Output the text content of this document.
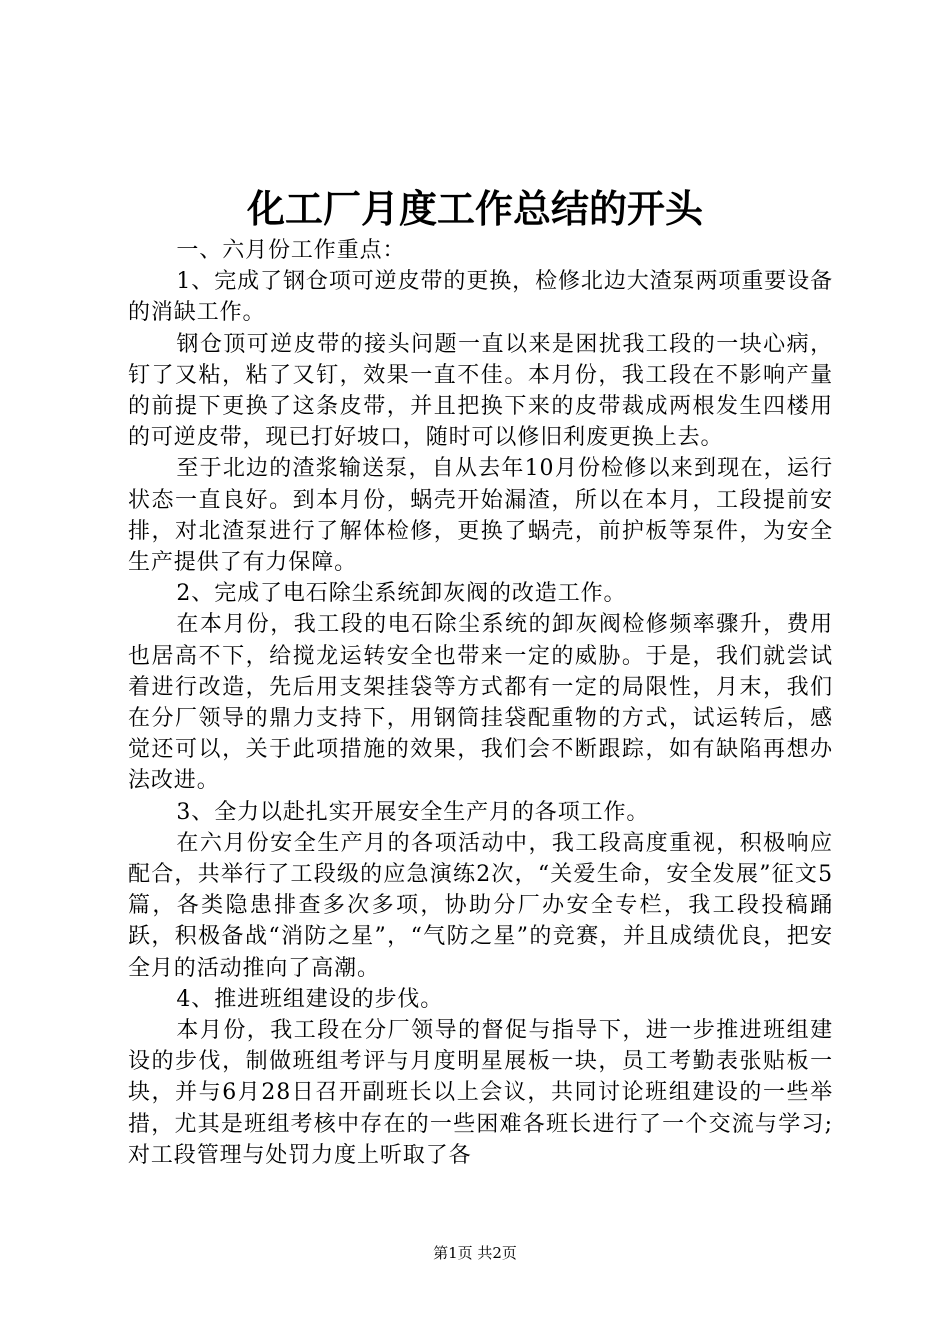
化工厂月度工作总结的开头

一、六月份工作重点：

1、完成了钢仓项可逆皮带的更换，检修北边大渣泵两项重要设备的消缺工作。

钢仓顶可逆皮带的接头问题一直以来是困扰我工段的一块心病，钉了又粘，粘了又钉，效果一直不佳。本月份，我工段在不影响产量的前提下更换了这条皮带，并且把换下来的皮带裁成两根发生四楼用的可逆皮带，现已打好坡口，随时可以修旧利废更换上去。

至于北边的渣浆输送泵，自从去年10月份检修以来到现在，运行状态一直良好。到本月份，蜗壳开始漏渣，所以在本月，工段提前安排，对北渣泵进行了解体检修，更换了蜗壳，前护板等泵件，为安全生产提供了有力保障。

2、完成了电石除尘系统卸灰阀的改造工作。

在本月份，我工段的电石除尘系统的卸灰阀检修频率骤升，费用也居高不下，给搅龙运转安全也带来一定的威胁。于是，我们就尝试着进行改造，先后用支架挂袋等方式都有一定的局限性，月末，我们在分厂领导的鼎力支持下，用钢筒挂袋配重物的方式，试运转后，感觉还可以，关于此项措施的效果，我们会不断跟踪，如有缺陷再想办法改进。

3、全力以赴扎实开展安全生产月的各项工作。

在六月份安全生产月的各项活动中，我工段高度重视，积极响应配合，共举行了工段级的应急演练2次，“关爱生命，安全发展”征文5篇，各类隐患排查多次多项，协助分厂办安全专栏，我工段投稿踊跃，积极备战“消防之星”，“气防之星”的竞赛，并且成绩优良，把安全月的活动推向了高潮。

4、推进班组建设的步伐。

本月份，我工段在分厂领导的督促与指导下，进一步推进班组建设的步伐，制做班组考评与月度明星展板一块，员工考勤表张贴板一块，并与6月28日召开副班长以上会议，共同讨论班组建设的一些举措，尤其是班组考核中存在的一些困难各班长进行了一个交流与学习;对工段管理与处罚力度上听取了各

第1页 共2页
